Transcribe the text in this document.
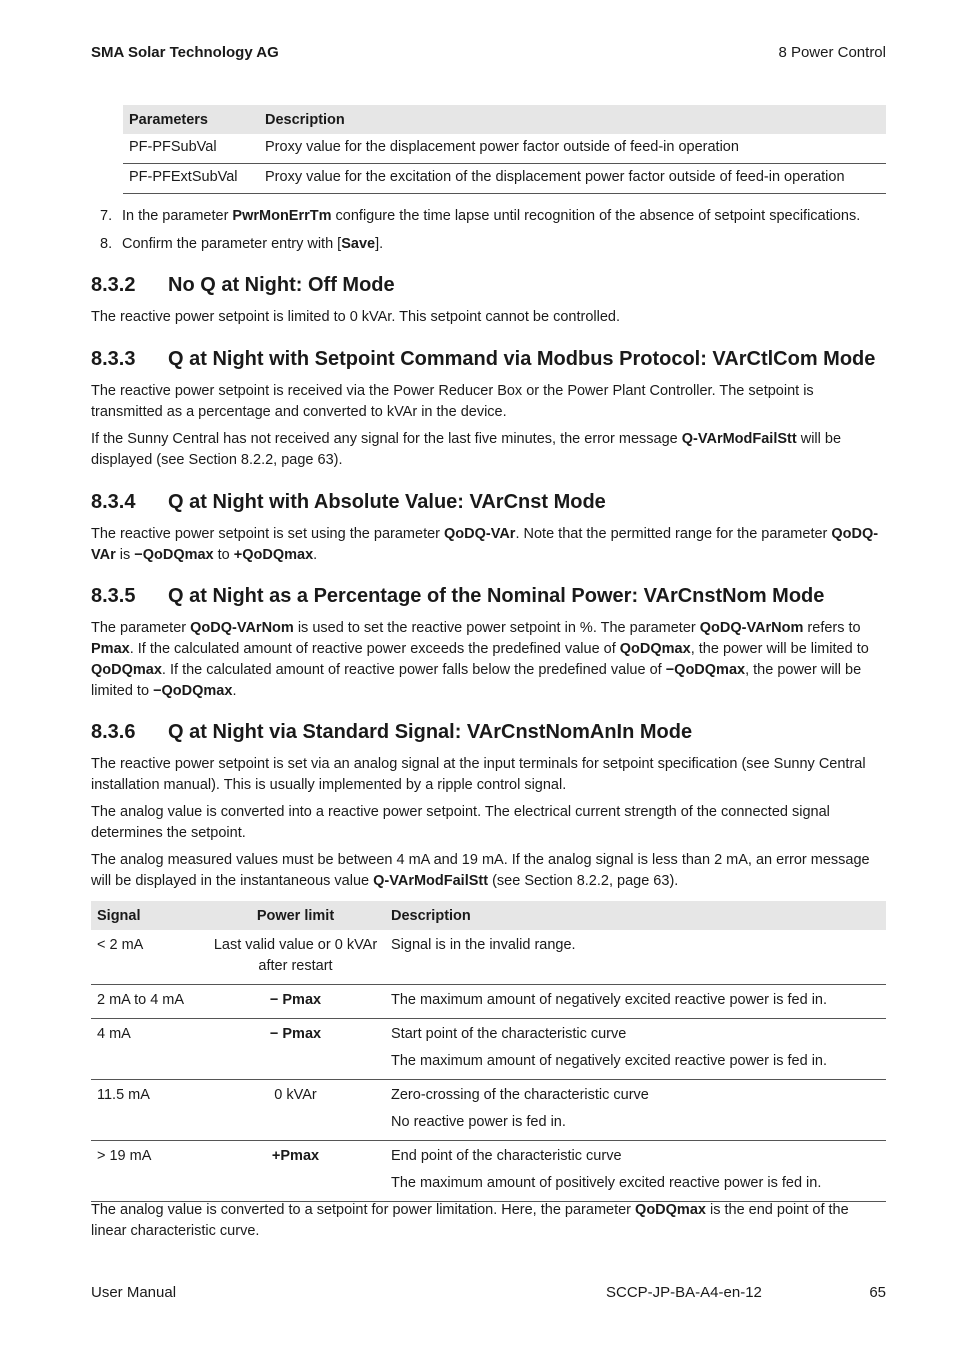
SMA Solar Technology AG	8 Power Control
Parameters	Description
PF-PFSubVal	Proxy value for the displacement power factor outside of feed-in operation
PF-PFExtSubVal	Proxy value for the excitation of the displacement power factor outside of feed-in operation
7. In the parameter PwrMonErrTm configure the time lapse until recognition of the absence of setpoint specifications.
8. Confirm the parameter entry with [Save].
8.3.2	No Q at Night: Off Mode

The reactive power setpoint is limited to 0 kVAr. This setpoint cannot be controlled.

8.3.3	Q at Night with Setpoint Command via Modbus Protocol: VArCtlCom Mode

The reactive power setpoint is received via the Power Reducer Box or the Power Plant Controller. The setpoint is transmitted as a percentage and converted to kVAr in the device.

If the Sunny Central has not received any signal for the last five minutes, the error message Q-VArModFailStt will be displayed (see Section 8.2.2, page 63).

8.3.4	Q at Night with Absolute Value: VArCnst Mode

The reactive power setpoint is set using the parameter QoDQ-VAr. Note that the permitted range for the parameter QoDQ-VAr is −QoDQmax to +QoDQmax.

8.3.5	Q at Night as a Percentage of the Nominal Power: VArCnstNom Mode

The parameter QoDQ-VArNom is used to set the reactive power setpoint in %. The parameter QoDQ-VArNom refers to Pmax. If the calculated amount of reactive power exceeds the predefined value of QoDQmax, the power will be limited to QoDQmax. If the calculated amount of reactive power falls below the predefined value of −QoDQmax, the power will be limited to −QoDQmax.

8.3.6	Q at Night via Standard Signal: VArCnstNomAnIn Mode

The reactive power setpoint is set via an analog signal at the input terminals for setpoint specification (see Sunny Central installation manual). This is usually implemented by a ripple control signal.

The analog value is converted into a reactive power setpoint. The electrical current strength of the connected signal determines the setpoint.

The analog measured values must be between 4 mA and 19 mA. If the analog signal is less than 2 mA, an error message will be displayed in the instantaneous value Q-VArModFailStt (see Section 8.2.2, page 63).

Signal	Power limit	Description
< 2 mA	Last valid value or 0 kVAr after restart	Signal is in the invalid range.

2 mA to 4 mA	− Pmax	The maximum amount of negatively excited reactive power is fed in.

4 mA	− Pmax	Start point of the characteristic curve
The maximum amount of negatively excited reactive power is fed in.

11.5 mA	0 kVAr	Zero-crossing of the characteristic curve
No reactive power is fed in.

> 19 mA	+Pmax	End point of the characteristic curve
The maximum amount of positively excited reactive power is fed in.

The analog value is converted to a setpoint for power limitation. Here, the parameter QoDQmax is the end point of the linear characteristic curve.

User Manual	SCCP-JP-BA-A4-en-12	65
